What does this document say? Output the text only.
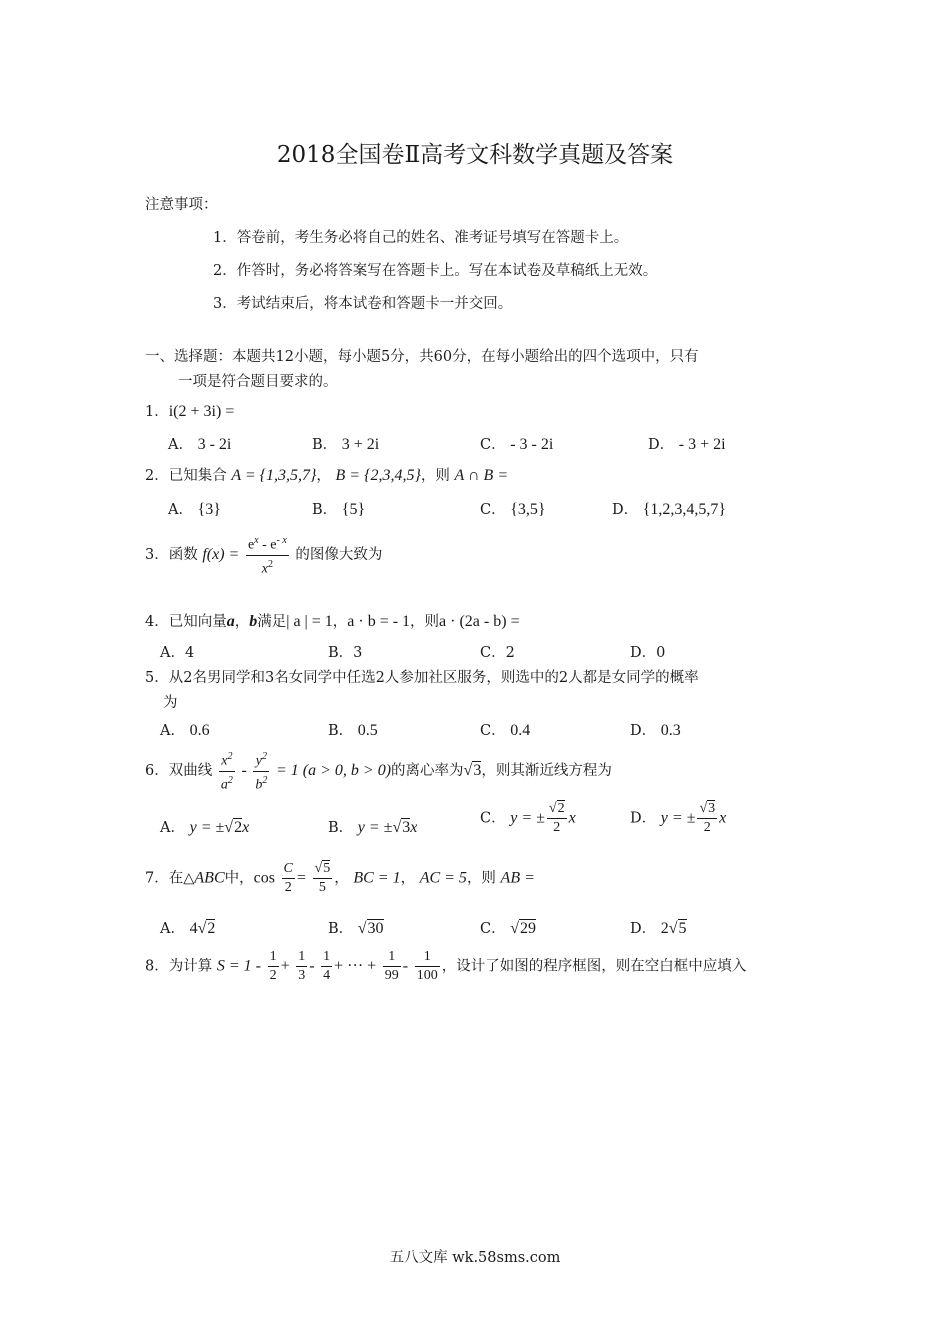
2018全国卷Ⅱ高考文科数学真题及答案
注意事项：
1．答卷前，考生务必将自己的姓名、准考证号填写在答题卡上。
2．作答时，务必将答案写在答题卡上。写在本试卷及草稿纸上无效。
3．考试结束后，将本试卷和答题卡一并交回。
一、选择题：本题共12小题，每小题5分，共60分，在每小题给出的四个选项中，只有
一项是符合题目要求的。
1．i(2 + 3i) =
A． 3 - 2i	B． 3 + 2i	C． - 3 - 2i	D． - 3 + 2i
2．已知集合 A = {1,3,5,7}， B = {2,3,4,5}，则 A ∩ B =
A． {3}	B． {5}	C． {3,5}	D． {1,2,3,4,5,7}
3．函数 $f(x) = \frac{e^x - e^{- x}}{x^2}$ 的图像大致为
4．已知向量a，b满足| a | = 1，a · b = - 1，则a · (2a - b) =
A．4	B．3	C．2	D．0
5．从2名男同学和3名女同学中任选2人参加社区服务，则选中的2人都是女同学的概率
为
A． 0.6	B． 0.5	C． 0.4	D． 0.3
6．双曲线 $\frac{x^2}{a^2} - \frac{y^2}{b^2} = 1$ (a > 0, b > 0)的离心率为√3，则其渐近线方程为
A． y = ±√2x	B． y = ±√3x
C． y = ± $\frac{√2}{2}$ x	D． y = ± $\frac{√3}{2}$ x
7．在△ABC中，$\cos \frac{C}{2} = \frac{√5}{5}$ ， BC = 1， AC = 5，则 AB =
A． 4√2	B． √30	C． √29	D． 2√5
8．为计算 $S = 1 - \frac{1}{2} + \frac{1}{3} - \frac{1}{4}$ + ··· + $\frac{1}{99} - \frac{1}{100}$ ，设计了如图的程序框图，则在空白框中应填入
五八文库 wk.58sms.com
